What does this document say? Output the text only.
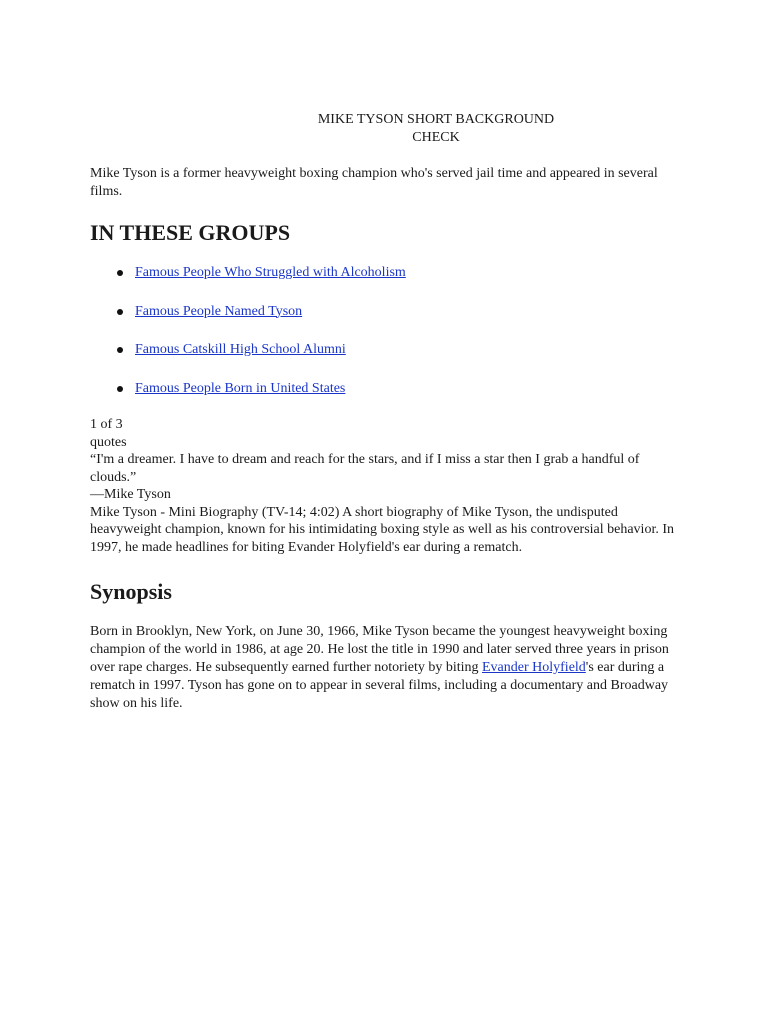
MIKE TYSON SHORT BACKGROUND CHECK

Mike Tyson is a former heavyweight boxing champion who's served jail time and appeared in several films.

IN THESE GROUPS
Famous People Who Struggled with Alcoholism
Famous People Named Tyson
Famous Catskill High School Alumni
Famous People Born in United States
1 of 3
quotes
“I'm a dreamer. I have to dream and reach for the stars, and if I miss a star then I grab a handful of clouds.”
—Mike Tyson
Mike Tyson - Mini Biography (TV-14; 4:02) A short biography of Mike Tyson, the undisputed heavyweight champion, known for his intimidating boxing style as well as his controversial behavior. In 1997, he made headlines for biting Evander Holyfield's ear during a rematch.
Synopsis

Born in Brooklyn, New York, on June 30, 1966, Mike Tyson became the youngest heavyweight boxing champion of the world in 1986, at age 20. He lost the title in 1990 and later served three years in prison over rape charges. He subsequently earned further notoriety by biting Evander Holyfield's ear during a rematch in 1997. Tyson has gone on to appear in several films, including a documentary and Broadway show on his life.
